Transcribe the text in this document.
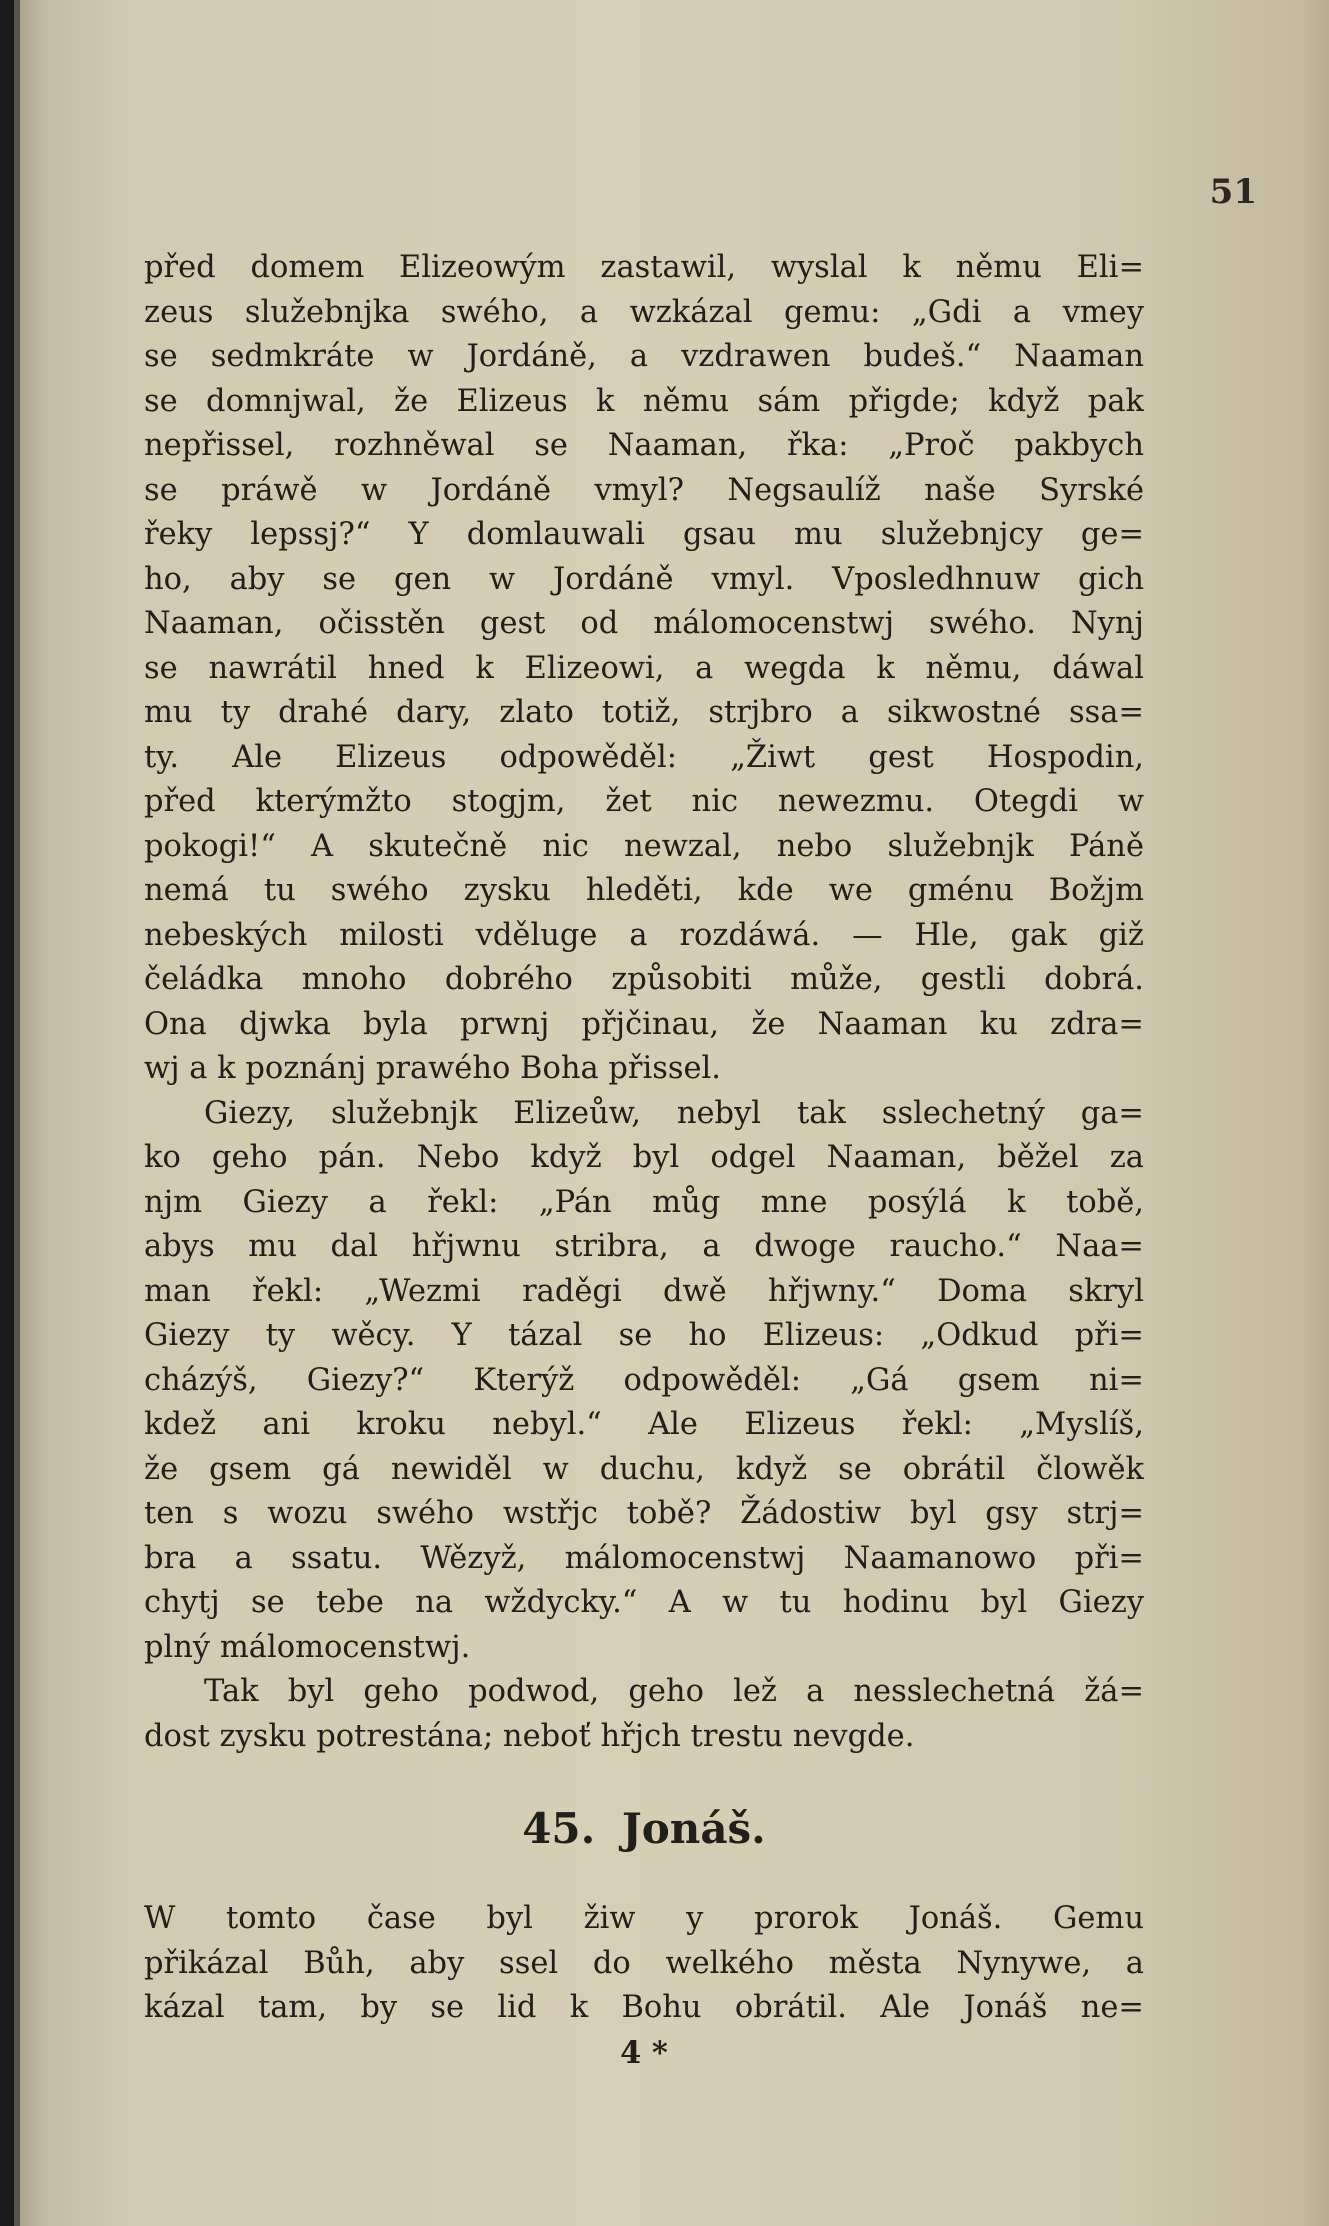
51
před domem Elizeowým zastawil, wyslal k němu Eli=
zeus služebnjka swého, a wzkázal gemu: „Gdi a vmey
se sedmkráte w Jordáně, a vzdrawen budeš.“ Naaman
se domnjwal, že Elizeus k němu sám přigde; když pak
nepřissel, rozhněwal se Naaman, řka: „Proč pakbych
se práwě w Jordáně vmyl? Negsaulíž naše Syrské
řeky lepssj?“ Y domlauwali gsau mu služebnjcy ge=
ho, aby se gen w Jordáně vmyl. Vposledhnuw gich
Naaman, očisstěn gest od málomocenstwj swého. Nynj
se nawrátil hned k Elizeowi, a wegda k němu, dáwal
mu ty drahé dary, zlato totiž, strjbro a sikwostné ssa=
ty. Ale Elizeus odpowěděl: „Žiwt gest Hospodin,
před kterýmžto stogjm, žet nic newezmu. Otegdi w
pokogi!“ A skutečně nic newzal, nebo služebnjk Páně
nemá tu swého zysku hleděti, kde we gménu Božjm
nebeských milosti vděluge a rozdáwá. — Hle, gak giž
čeládka mnoho dobrého způsobiti může, gestli dobrá.
Ona djwka byla prwnj přjčinau, že Naaman ku zdra=
wj a k poznánj prawého Boha přissel.
Giezy, služebnjk Elizeůw, nebyl tak sslechetný ga=
ko geho pán. Nebo když byl odgel Naaman, běžel za
njm Giezy a řekl: „Pán můg mne posýlá k tobě,
abys mu dal hřjwnu stribra, a dwoge raucho.“ Naa=
man řekl: „Wezmi raděgi dwě hřjwny.“ Doma skryl
Giezy ty wěcy. Y tázal se ho Elizeus: „Odkud při=
cházýš, Giezy?“ Kterýž odpowěděl: „Gá gsem ni=
kdež ani kroku nebyl.“ Ale Elizeus řekl: „Myslíš,
že gsem gá newiděl w duchu, když se obrátil člowěk
ten s wozu swého wstřjc tobě? Žádostiw byl gsy strj=
bra a ssatu. Wězyž, málomocenstwj Naamanowo při=
chytj se tebe na wždycky.“ A w tu hodinu byl Giezy
plný málomocenstwj.
Tak byl geho podwod, geho lež a nesslechetná žá=
dost zysku potrestána; neboť hřjch trestu nevgde.
45. Jonáš.
W tomto čase byl žiw y prorok Jonáš. Gemu
přikázal Bůh, aby ssel do welkého města Nynywe, a
kázal tam, by se lid k Bohu obrátil. Ale Jonáš ne=
4 *
